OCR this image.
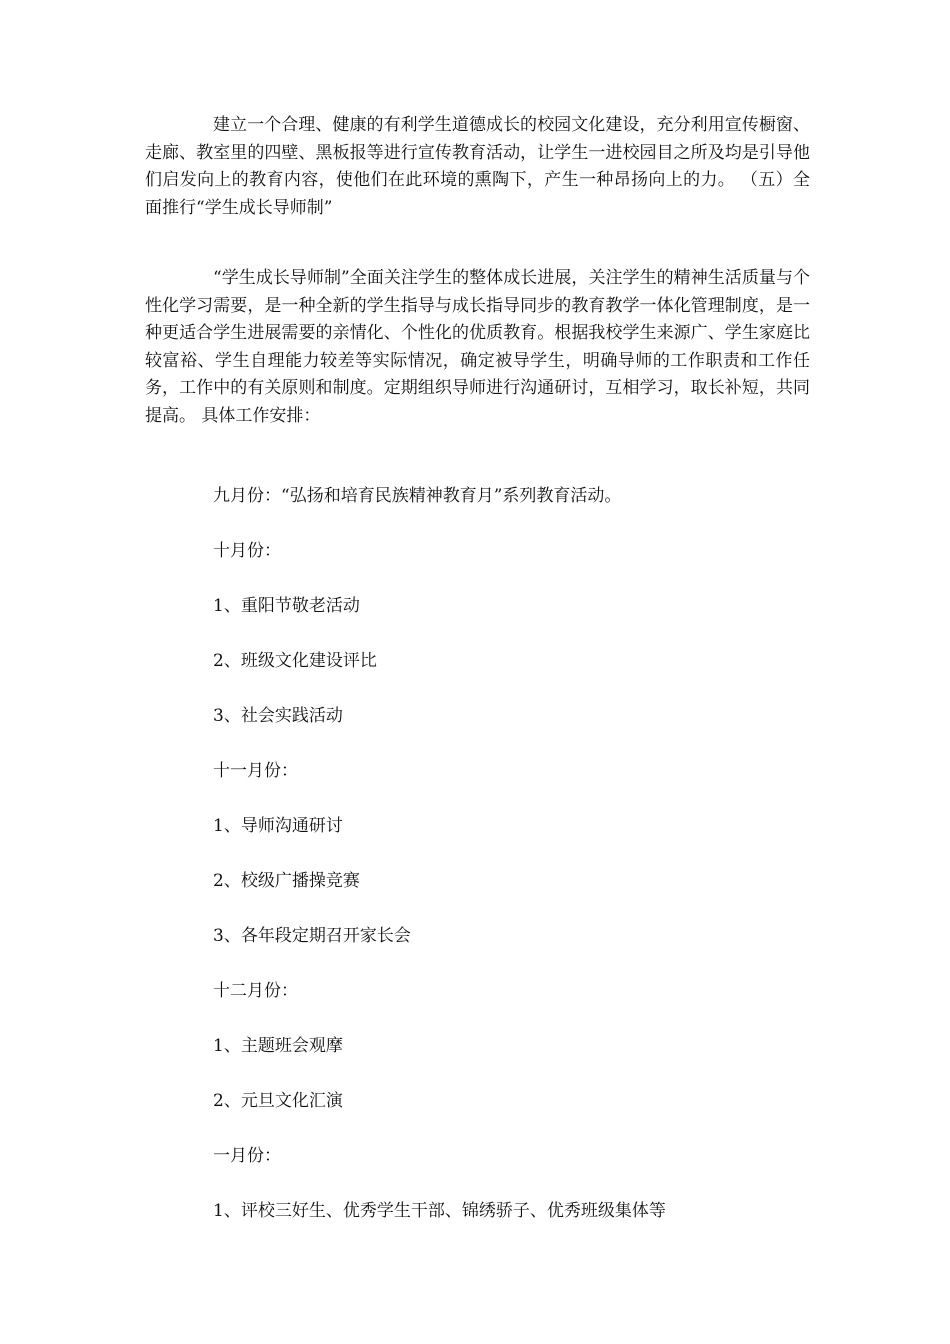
建立一个合理、健康的有利学生道德成长的校园文化建设，充分利用宣传橱窗、走廊、教室里的四壁、黑板报等进行宣传教育活动，让学生一进校园目之所及均是引导他们启发向上的教育内容，使他们在此环境的熏陶下，产生一种昂扬向上的力。 （五）全面推行“学生成长导师制”

“学生成长导师制”全面关注学生的整体成长进展，关注学生的精神生活质量与个性化学习需要，是一种全新的学生指导与成长指导同步的教育教学一体化管理制度，是一种更适合学生进展需要的亲情化、个性化的优质教育。根据我校学生来源广、学生家庭比较富裕、学生自理能力较差等实际情况，确定被导学生，明确导师的工作职责和工作任务，工作中的有关原则和制度。定期组织导师进行沟通研讨，互相学习，取长补短，共同提高。 具体工作安排：

九月份：“弘扬和培育民族精神教育月”系列教育活动。

十月份：

1、重阳节敬老活动

2、班级文化建设评比

3、社会实践活动

十一月份：

1、导师沟通研讨

2、校级广播操竞赛

3、各年段定期召开家长会

十二月份：

1、主题班会观摩

2、元旦文化汇演

一月份：

1、评校三好生、优秀学生干部、锦绣骄子、优秀班级集体等
